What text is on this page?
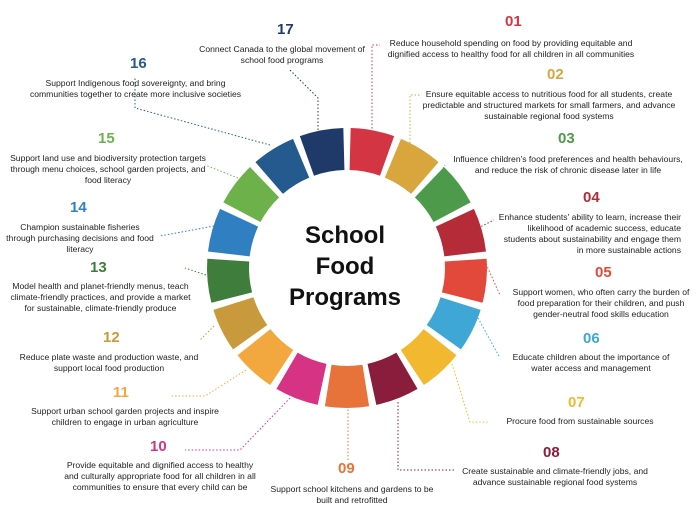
School
Food
Programs
17
Connect Canada to the global movement of school food programs
01
Reduce household spending on food by providing equitable and dignified access to healthy food for all children in all communities
02
Ensure equitable access to nutritious food for all students, create predictable and structured markets for small farmers, and advance sustainable regional food systems
03
Influence children's food preferences and health behaviours, and reduce the risk of chronic disease later in life
04
Enhance students' ability to learn, increase their likelihood of academic success, educate students about sustainability and engage them in more sustainable actions
05
Support women, who often carry the burden of food preparation for their children, and push gender-neutral food skills education
06
Educate children about the importance of water access and management
07
Procure food from sustainable sources
08
Create sustainable and climate-friendly jobs, and advance sustainable regional food systems
09
Support school kitchens and gardens to be built and retrofitted
10
Provide equitable and dignified access to healthy and culturally appropriate food for all children in all communities to ensure that every child can be
11
Support urban school garden projects and inspire children to engage in urban agriculture
12
Reduce plate waste and production waste, and support local food production
13
Model health and planet-friendly menus, teach climate-friendly practices, and provide a market for sustainable, climate-friendly produce
14
Champion sustainable fisheries through purchasing decisions and food literacy
15
Support land use and biodiversity protection targets through menu choices, school garden projects, and food literacy
16
Support Indigenous food sovereignty, and bring communities together to create more inclusive societies
